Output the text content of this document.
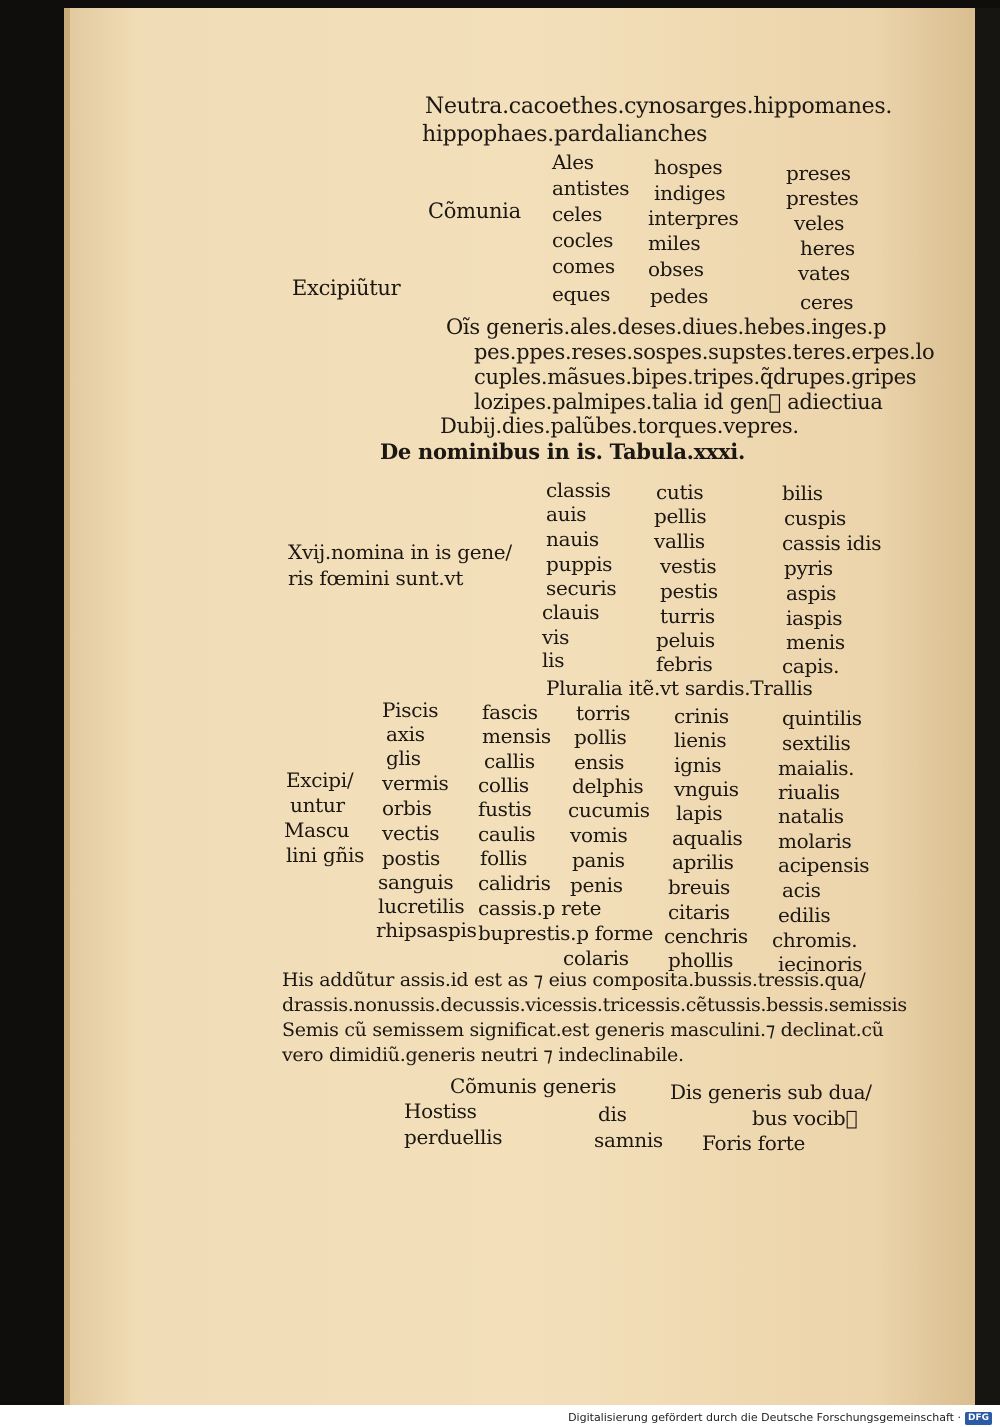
Neutra.cacoethes.cynosarges.hippomanes.
hippophaes.pardalianches
Excipiũtur
Cõmunia
Ales
antistes
celes
cocles
comes
eques
hospes
indiges
interpres
miles
obses
pedes
preses
prestes
veles
heres
vates
ceres
Oĩs generis.ales.deses.diues.hebes.inges.p
pes.ppes.reses.sospes.supstes.teres.erpes.lo
cuples.mãsues.bipes.tripes.q̃drupes.gripes
lozipes.palmipes.talia id gen᷒ adiectiua
Dubij.dies.palũbes.torques.vepres.
De nominibus in is. Tabula.xxxi.
Xvij.nomina in is gene/
ris fœmini sunt.vt
classis
auis
nauis
puppis
securis
clauis
vis
lis
cutis
pellis
vallis
vestis
pestis
turris
peluis
febris
bilis
cuspis
cassis idis
pyris
aspis
iaspis
menis
capis.
Pluralia itẽ.vt sardis.Trallis
Excipi/
untur
Mascu
lini gñis
Piscis
axis
glis
vermis
orbis
vectis
postis
sanguis
lucretilis
rhipsaspis
fascis
mensis
callis
collis
fustis
caulis
follis
calidris
cassis.p rete
buprestis.p forme
colaris
torris
pollis
ensis
delphis
cucumis
vomis
panis
penis
crinis
lienis
ignis
vnguis
lapis
aqualis
aprilis
breuis
citaris
cenchris
phollis
quintilis
sextilis
maialis.
riualis
natalis
molaris
acipensis
acis
edilis
chromis.
iecinoris
His addũtur assis.id est as ⁊ eius composita.bussis.tressis.qua/
drassis.nonussis.decussis.vicessis.tricessis.cẽtussis.bessis.semissis
Semis cũ semissem significat.est generis masculini.⁊ declinat.cũ
vero dimidiũ.generis neutri ⁊ indeclinabile.
Cõmunis generis
Hostiss
perduellis
dis
samnis
Dis generis sub dua/
bus vocib᷒
Foris forte
Digitalisierung gefördert durch die Deutsche Forschungsgemeinschaft · DFG
